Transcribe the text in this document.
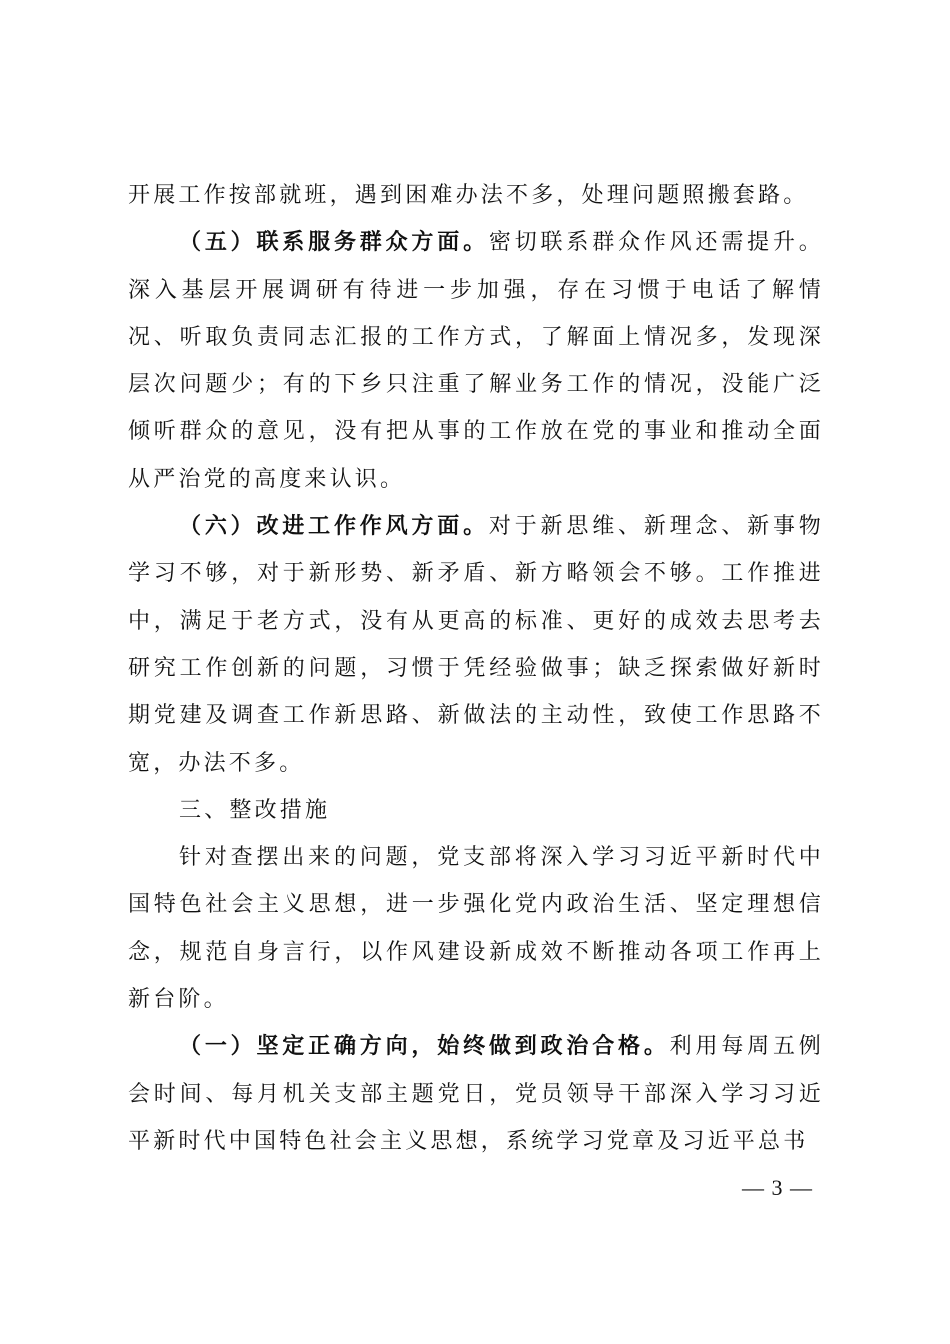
开展工作按部就班，遇到困难办法不多，处理问题照搬套路。

（五）联系服务群众方面。密切联系群众作风还需提升。深入基层开展调研有待进一步加强，存在习惯于电话了解情况、听取负责同志汇报的工作方式，了解面上情况多，发现深层次问题少；有的下乡只注重了解业务工作的情况，没能广泛倾听群众的意见，没有把从事的工作放在党的事业和推动全面从严治党的高度来认识。

（六）改进工作作风方面。对于新思维、新理念、新事物学习不够，对于新形势、新矛盾、新方略领会不够。工作推进中，满足于老方式，没有从更高的标准、更好的成效去思考去研究工作创新的问题，习惯于凭经验做事；缺乏探索做好新时期党建及调查工作新思路、新做法的主动性，致使工作思路不宽，办法不多。

三、整改措施

针对查摆出来的问题，党支部将深入学习习近平新时代中国特色社会主义思想，进一步强化党内政治生活、坚定理想信念，规范自身言行，以作风建设新成效不断推动各项工作再上新台阶。

（一）坚定正确方向，始终做到政治合格。利用每周五例会时间、每月机关支部主题党日，党员领导干部深入学习习近平新时代中国特色社会主义思想，系统学习党章及习近平总书

— 3 —
